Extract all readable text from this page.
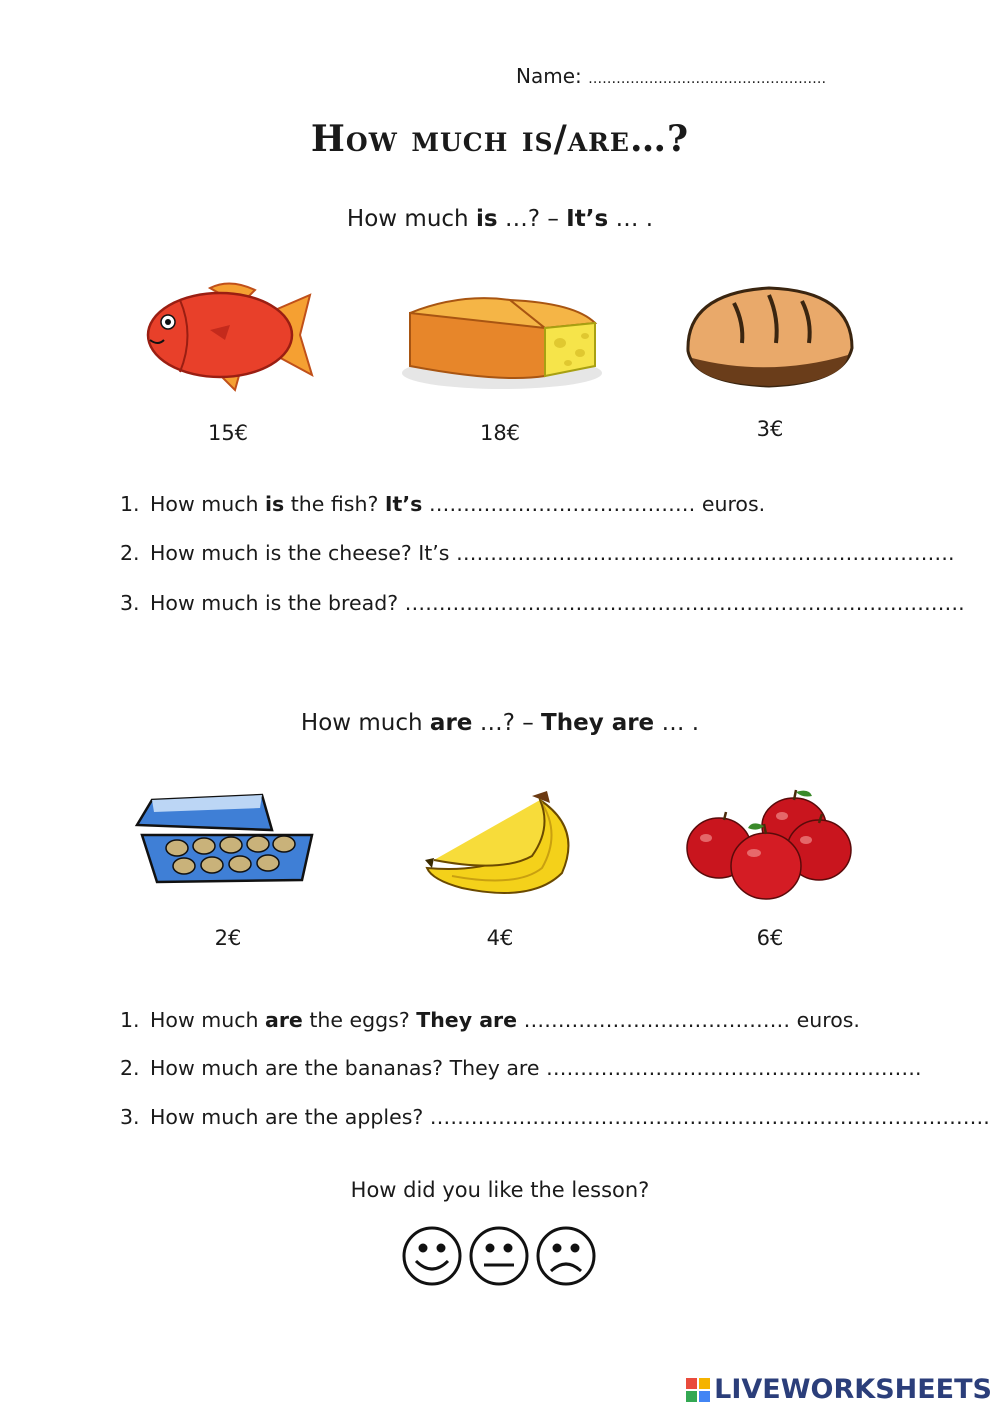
Name: ……………………………………………
How much is/are…?
How much is …? – It’s … .
15€	18€	3€
1. How much is the fish? It’s ………………………………… euros.
2. How much is the cheese? It’s ……………………………………………………………….
3. How much is the bread? ……………………………………………………………………….
How much are …? – They are … .
2€	4€	6€
1. How much are the eggs? They are ………………………………… euros.
2. How much are the bananas? They are ……………………………………………….
3. How much are the apples? ……………………………………………………………………….
How did you like the lesson?
LIVEWORKSHEETS
